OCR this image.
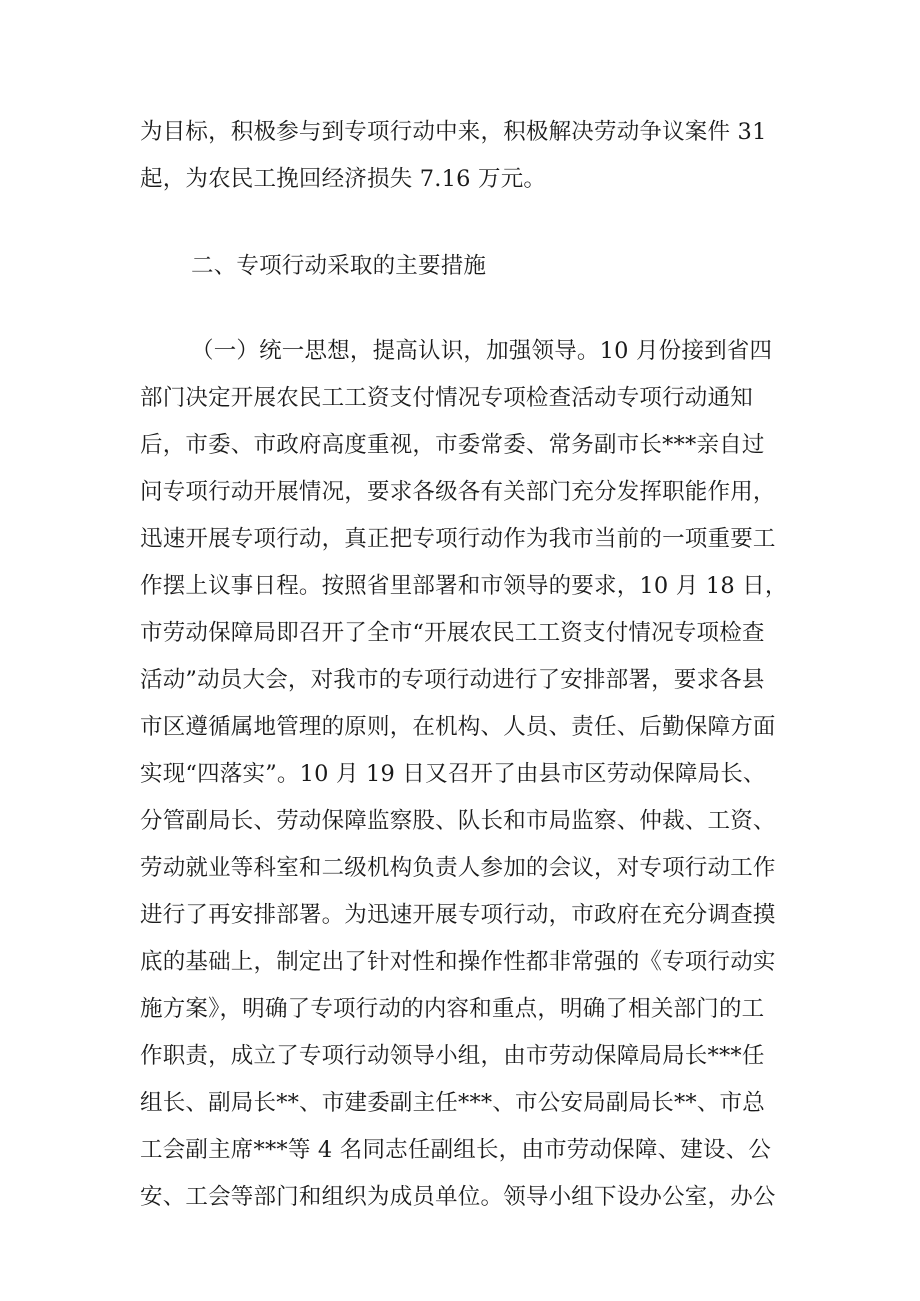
为目标，积极参与到专项行动中来，积极解决劳动争议案件 31

起，为农民工挽回经济损失 7.16 万元。

二、专项行动采取的主要措施

（一）统一思想，提高认识，加强领导。10 月份接到省四

部门决定开展农民工工资支付情况专项检查活动专项行动通知

后，市委、市政府高度重视，市委常委、常务副市长***亲自过

问专项行动开展情况，要求各级各有关部门充分发挥职能作用，

迅速开展专项行动，真正把专项行动作为我市当前的一项重要工

作摆上议事日程。按照省里部署和市领导的要求，10 月 18 日，

市劳动保障局即召开了全市“开展农民工工资支付情况专项检查

活动”动员大会，对我市的专项行动进行了安排部署，要求各县

市区遵循属地管理的原则，在机构、人员、责任、后勤保障方面

实现“四落实”。10 月 19 日又召开了由县市区劳动保障局长、

分管副局长、劳动保障监察股、队长和市局监察、仲裁、工资、

劳动就业等科室和二级机构负责人参加的会议，对专项行动工作

进行了再安排部署。为迅速开展专项行动，市政府在充分调查摸

底的基础上，制定出了针对性和操作性都非常强的《专项行动实

施方案》，明确了专项行动的内容和重点，明确了相关部门的工

作职责，成立了专项行动领导小组，由市劳动保障局局长***任

组长、副局长**、市建委副主任***、市公安局副局长**、市总

工会副主席***等 4 名同志任副组长，由市劳动保障、建设、公

安、工会等部门和组织为成员单位。领导小组下设办公室，办公
